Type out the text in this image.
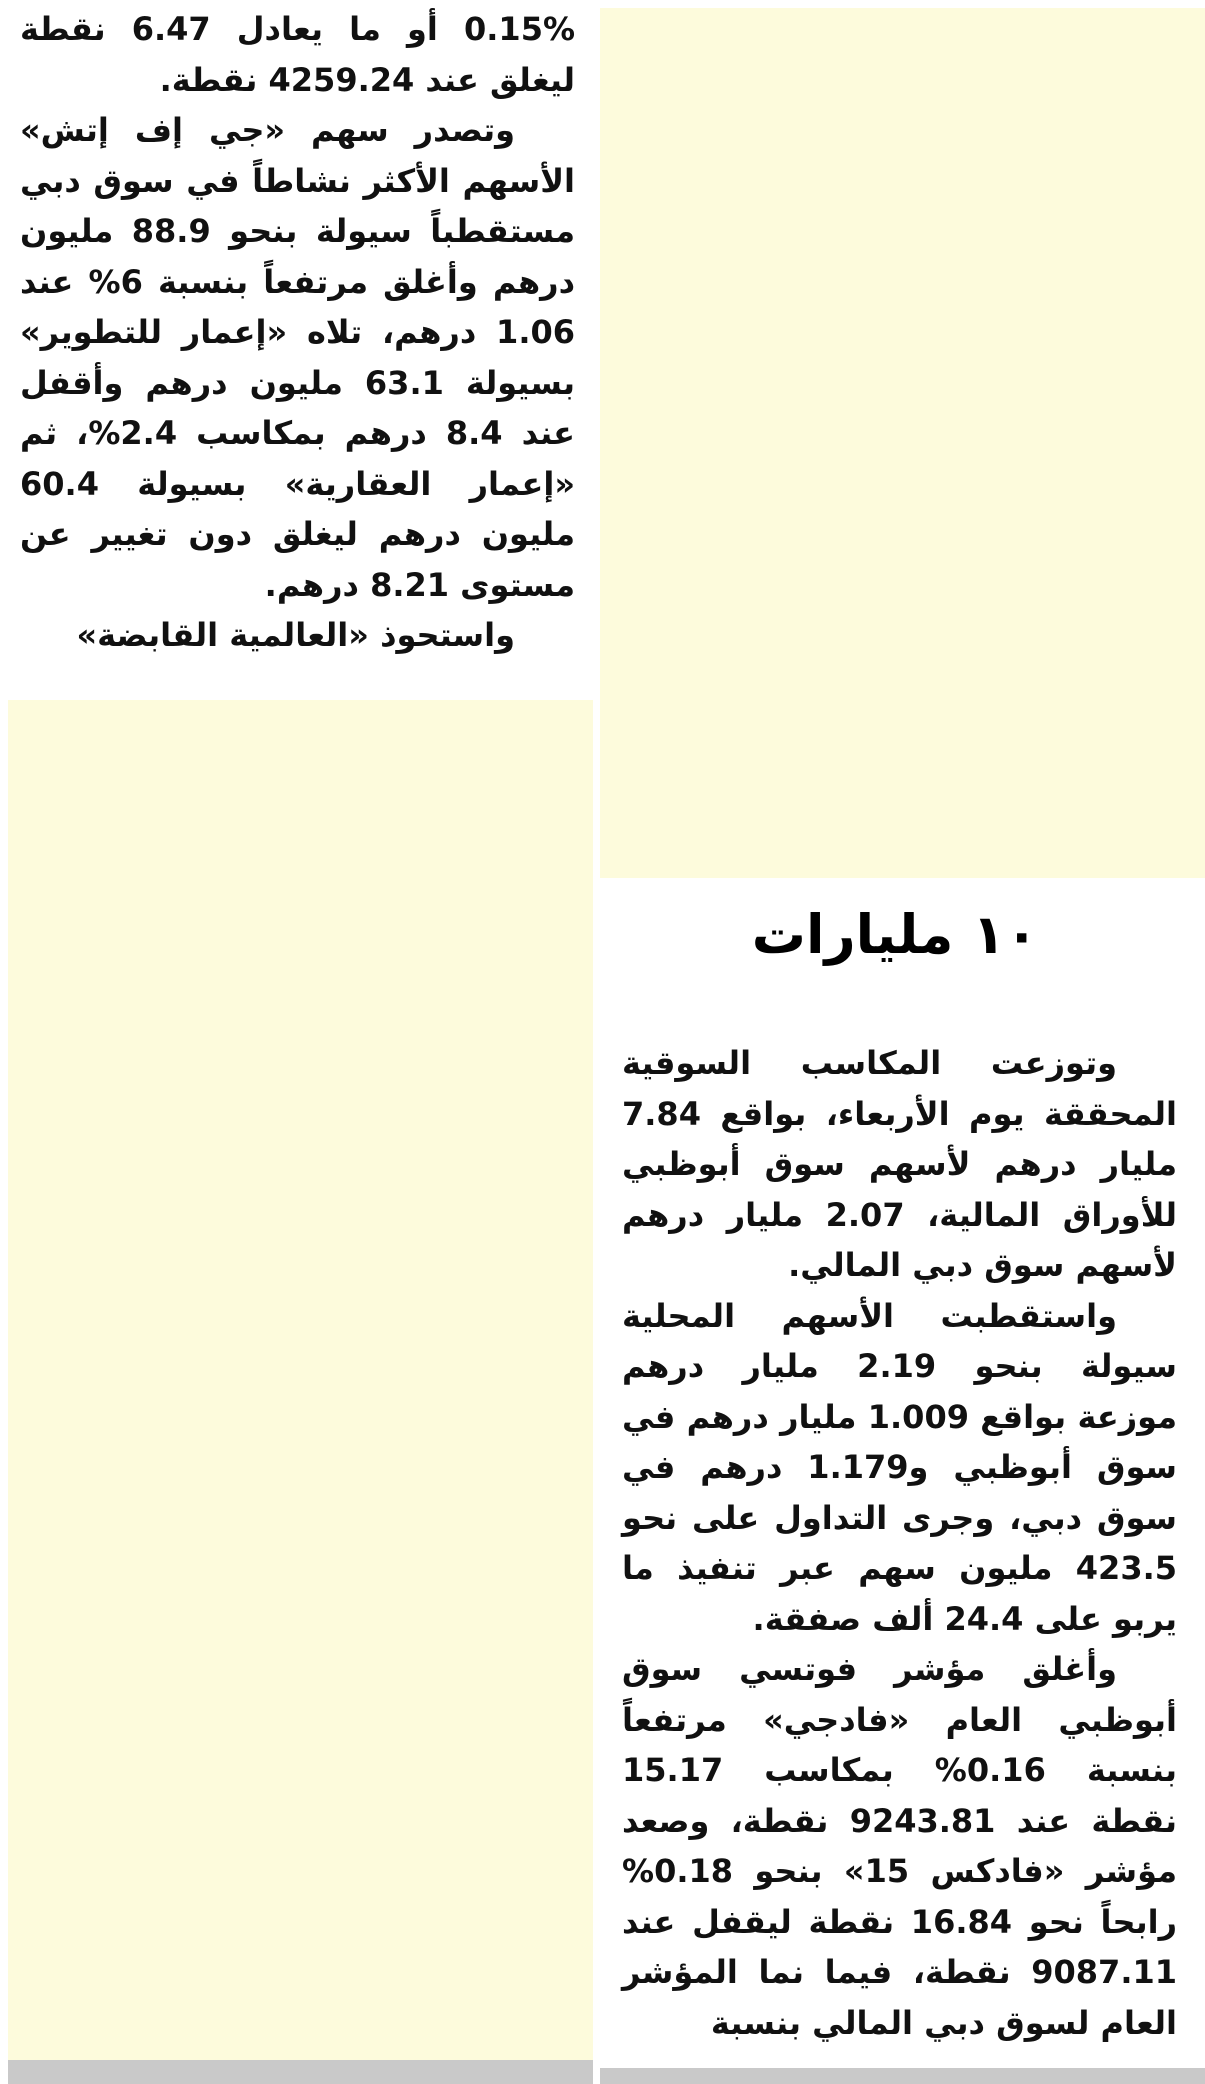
0.15% أو ما يعادل 6.47 نقطة ليغلق عند 4259.24 نقطة.

وتصدر سهم «جي إف إتش» الأسهم الأكثر نشاطاً في سوق دبي مستقطباً سيولة بنحو 88.9 مليون درهم وأغلق مرتفعاً بنسبة 6% عند 1.06 درهم، تلاه «إعمار للتطوير» بسيولة 63.1 مليون درهم وأقفل عند 8.4 درهم بمكاسب 2.4%، ثم «إعمار العقارية» بسيولة 60.4 مليون درهم ليغلق دون تغيير عن مستوى 8.21 درهم.

واستحوذ «العالمية القابضة»

١٠ مليارات

وتوزعت المكاسب السوقية المحققة يوم الأربعاء، بواقع 7.84 مليار درهم لأسهم سوق أبوظبي للأوراق المالية، 2.07 مليار درهم لأسهم سوق دبي المالي.

واستقطبت الأسهم المحلية سيولة بنحو 2.19 مليار درهم موزعة بواقع 1.009 مليار درهم في سوق أبوظبي و1.179 درهم في سوق دبي، وجرى التداول على نحو 423.5 مليون سهم عبر تنفيذ ما يربو على 24.4 ألف صفقة.

وأغلق مؤشر فوتسي سوق أبوظبي العام «فادجي» مرتفعاً بنسبة 0.16% بمكاسب 15.17 نقطة عند 9243.81 نقطة، وصعد مؤشر «فادكس 15» بنحو 0.18% رابحاً نحو 16.84 نقطة ليقفل عند 9087.11 نقطة، فيما نما المؤشر العام لسوق دبي المالي بنسبة
